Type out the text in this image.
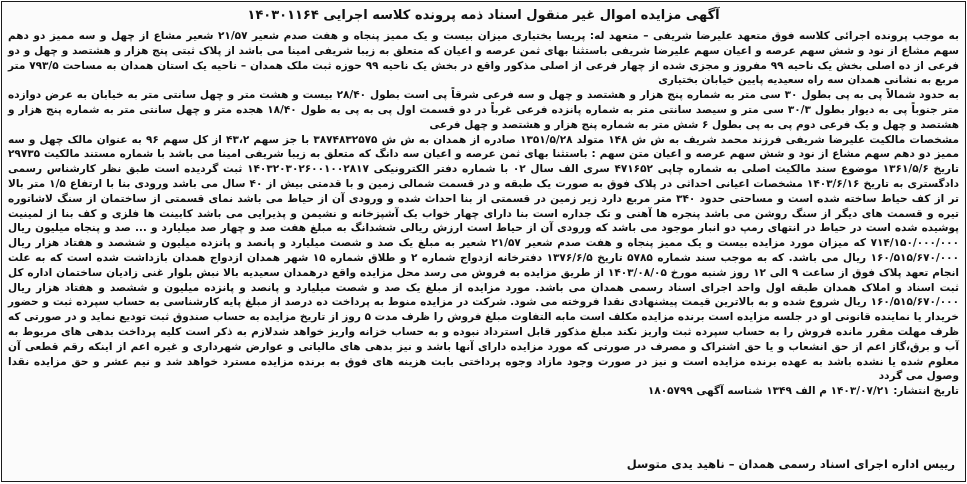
آگهی مزایده اموال غیر منقول اسناد ذمه پرونده کلاسه اجرایی ۱۴۰۳۰۱۱۶۴

به موجب پرونده اجرائی کلاسه فوق متعهد علیرضا شریفی – متعهد له: پریسا بختیاری میزان بیست و یک ممیز پنجاه و هفت صدم شعیر ۲۱/۵۷ شعیر مشاع از چهل و سه ممیز دو دهم سهم مشاع از نود و شش سهم عرصه و اعیان سهم علیرضا شریفی باستثنا بهای ثمن عرصه و اعیان که متعلق به زیبا شریفی امینا می باشد از پلاک ثبتی پنج هزار و هشتصد و چهل و دو فرعی از ده اصلی بخش یک ناحیه ۹۹ مفروز و مجزی شده از چهار فرعی از اصلی مذکور واقع در بخش یک ناحیه ۹۹ حوزه ثبت ملک همدان – ناحیه یک استان همدان به مساحت ۷۹۳/۵ متر مربع به نشانی همدان سه راه سعیدیه پایین خیابان بختیاری

به حدود شمالاً پی به پی بطول ۳۰ سی متر به شماره پنج هزار و هشتصد و چهل و سه فرعی شرقاً پی است بطول ۲۸/۴۰ بیست و هشت متر و چهل سانتی متر به خیابان به عرض دوازده متر جنوباً پی به دیوار بطول ۳۰/۳ سی متر و سیصد سانتی متر به شماره پانزده فرعی غرباً در دو قسمت اول پی به پی به طول ۱۸/۴۰ هجده متر و چهل سانتی متر به شماره پنج هزار و هشتصد و چهل و یک فرعی دوم پی به پی بطول ۶ شش متر به شماره پنج هزار و هشتصد و چهل فرعی

مشخصات مالکیت علیرضا شریفی فرزند محمد شریف به ش ش ۱۴۸ متولد ۱۳۵۱/۵/۲۸ صادره از همدان به ش ش ۳۸۷۴۸۳۲۵۷۵ با جز سهم ۴۳،۲ از کل سهم ۹۶ به عنوان مالک چهل و سه ممیز دو دهم سهم مشاع از نود و شش سهم عرصه و اعیان متن سهم : باستثنا بهای ثمن عرصه و اعیان سه دانگ که متعلق به زیبا شریفی امینا می باشد با شماره مستند مالکیت ۲۹۷۳۵ تاریخ ۱۳۶۱/۵/۶ موضوع سند مالکیت اصلی به شماره چاپی ۴۷۱۶۵۲ سری الف سال ۰۲ با شماره دفتر الکترونیکی ۱۴۰۳۲۰۳۰۲۶۰۰۱۰۰۲۸۱۷ ثبت گردیده است طبق نظر کارشناس رسمی دادگستری به تاریخ ۱۴۰۳/۶/۱۶ مشخصات اعیانی احداثی در پلاک فوق به صورت یک طبقه و در قسمت شمالی زمین و با قدمتی بیش از ۴۰ سال می باشد ورودی بنا با ارتفاع ۱/۵ متر بالا تر از کف حیاط ساخته شده است و مساحتی حدود ۳۴۰ متر مربع دارد زیر زمین در قسمتی از بنا احداث شده و ورودی آن از حیاط می باشد نمای قسمتی از ساختمان از سنگ لاشاتوره تیره و قسمت های دیگر از سنگ روشن می باشد پنجره ها آهنی و تک جداره است بنا دارای چهار خواب یک آشپزخانه و نشیمن و پذیرایی می باشد کابینت ها فلزی و کف بنا از لمینیت پوشیده شده است در حیاط در انتهای رمپ دو انبار موجود می باشد که ورودی آن از حیاط است ارزش ریالی ششدانگ به مبلغ هفت صد و چهار صد میلیارد و ... صد و پنجاه میلیون ریال ۷۱۴/۱۵۰/۰۰۰/۰۰۰ که میزان مورد مزایده بیست و یک ممیز پنجاه و هفت صدم شعیر ۲۱/۵۷ شعیر به مبلغ یک صد و شصت میلیارد و پانصد و پانزده میلیون و ششصد و هفتاد هزار ریال ۱۶۰/۵۱۵/۶۷۰/۰۰۰ ریال می باشد. که به موجب سند شماره ۵۷۸۵ تاریخ ۱۳۷۶/۶/۵ دفترخانه ازدواج شماره ۲ و طلاق شماره ۱۵ شهر همدان ازدواج همدان بازداشت شده است که به علت انجام تعهد پلاک فوق از ساعت ۹ الی ۱۲ روز شنبه مورخ ۱۴۰۳/۰۸/۰۵ از طریق مزایده به فروش می رسد محل مزایده واقع درهمدان سعیدیه بالا نبش بلوار غنی زادیان ساختمان اداره کل ثبت اسناد و املاک همدان طبقه اول واحد اجرای اسناد رسمی همدان می باشد. مورد مزایده از مبلغ یک صد و شصت میلیارد و پانصد و پانزده میلیون و ششصد و هفتاد هزار ریال ۱۶۰/۵۱۵/۶۷۰/۰۰۰ ریال شروع شده و به بالاترین قیمت پیشنهادی نقدا فروخته می شود. شرکت در مزایده منوط به پرداخت ده درصد از مبلغ پایه کارشناسی به حساب سپرده ثبت و حضور خریدار یا نماینده قانونی او در جلسه مزایده است برنده مزایده مکلف است مابه التفاوت مبلغ فروش را ظرف مدت ۵ روز از تاریخ مزایده به حساب صندوق ثبت تودیع نماید و در صورتی که ظرف مهلت مقرر مانده فروش را به حساب سپرده ثبت واریز نکند مبلغ مذکور قابل استرداد نبوده و به حساب خزانه واریز خواهد شدلازم به ذکر است کلیه پرداخت بدهی های مربوط به آب و برق،گاز اعم از حق انشعاب و یا حق اشتراک و مصرف در صورتی که مورد مزایده دارای آنها باشد و نیز بدهی های مالیاتی و عوارض شهرداری و غیره اعم از اینکه رقم قطعی آن معلوم شده یا نشده باشد به عهده برنده مزایده است و نیز در صورت وجود مازاد وجوه پرداختی بابت هزینه های فوق به برنده مزایده مسترد خواهد شد و نیم عشر و حق مزایده نقدا وصول می گردد

تاریخ انتشار: ۱۴۰۳/۰۷/۲۱ م الف ۱۳۴۹ شناسه آگهی ۱۸۰۵۷۹۹

رییس اداره اجرای اسناد رسمی همدان – ناهید یدی متوسل
